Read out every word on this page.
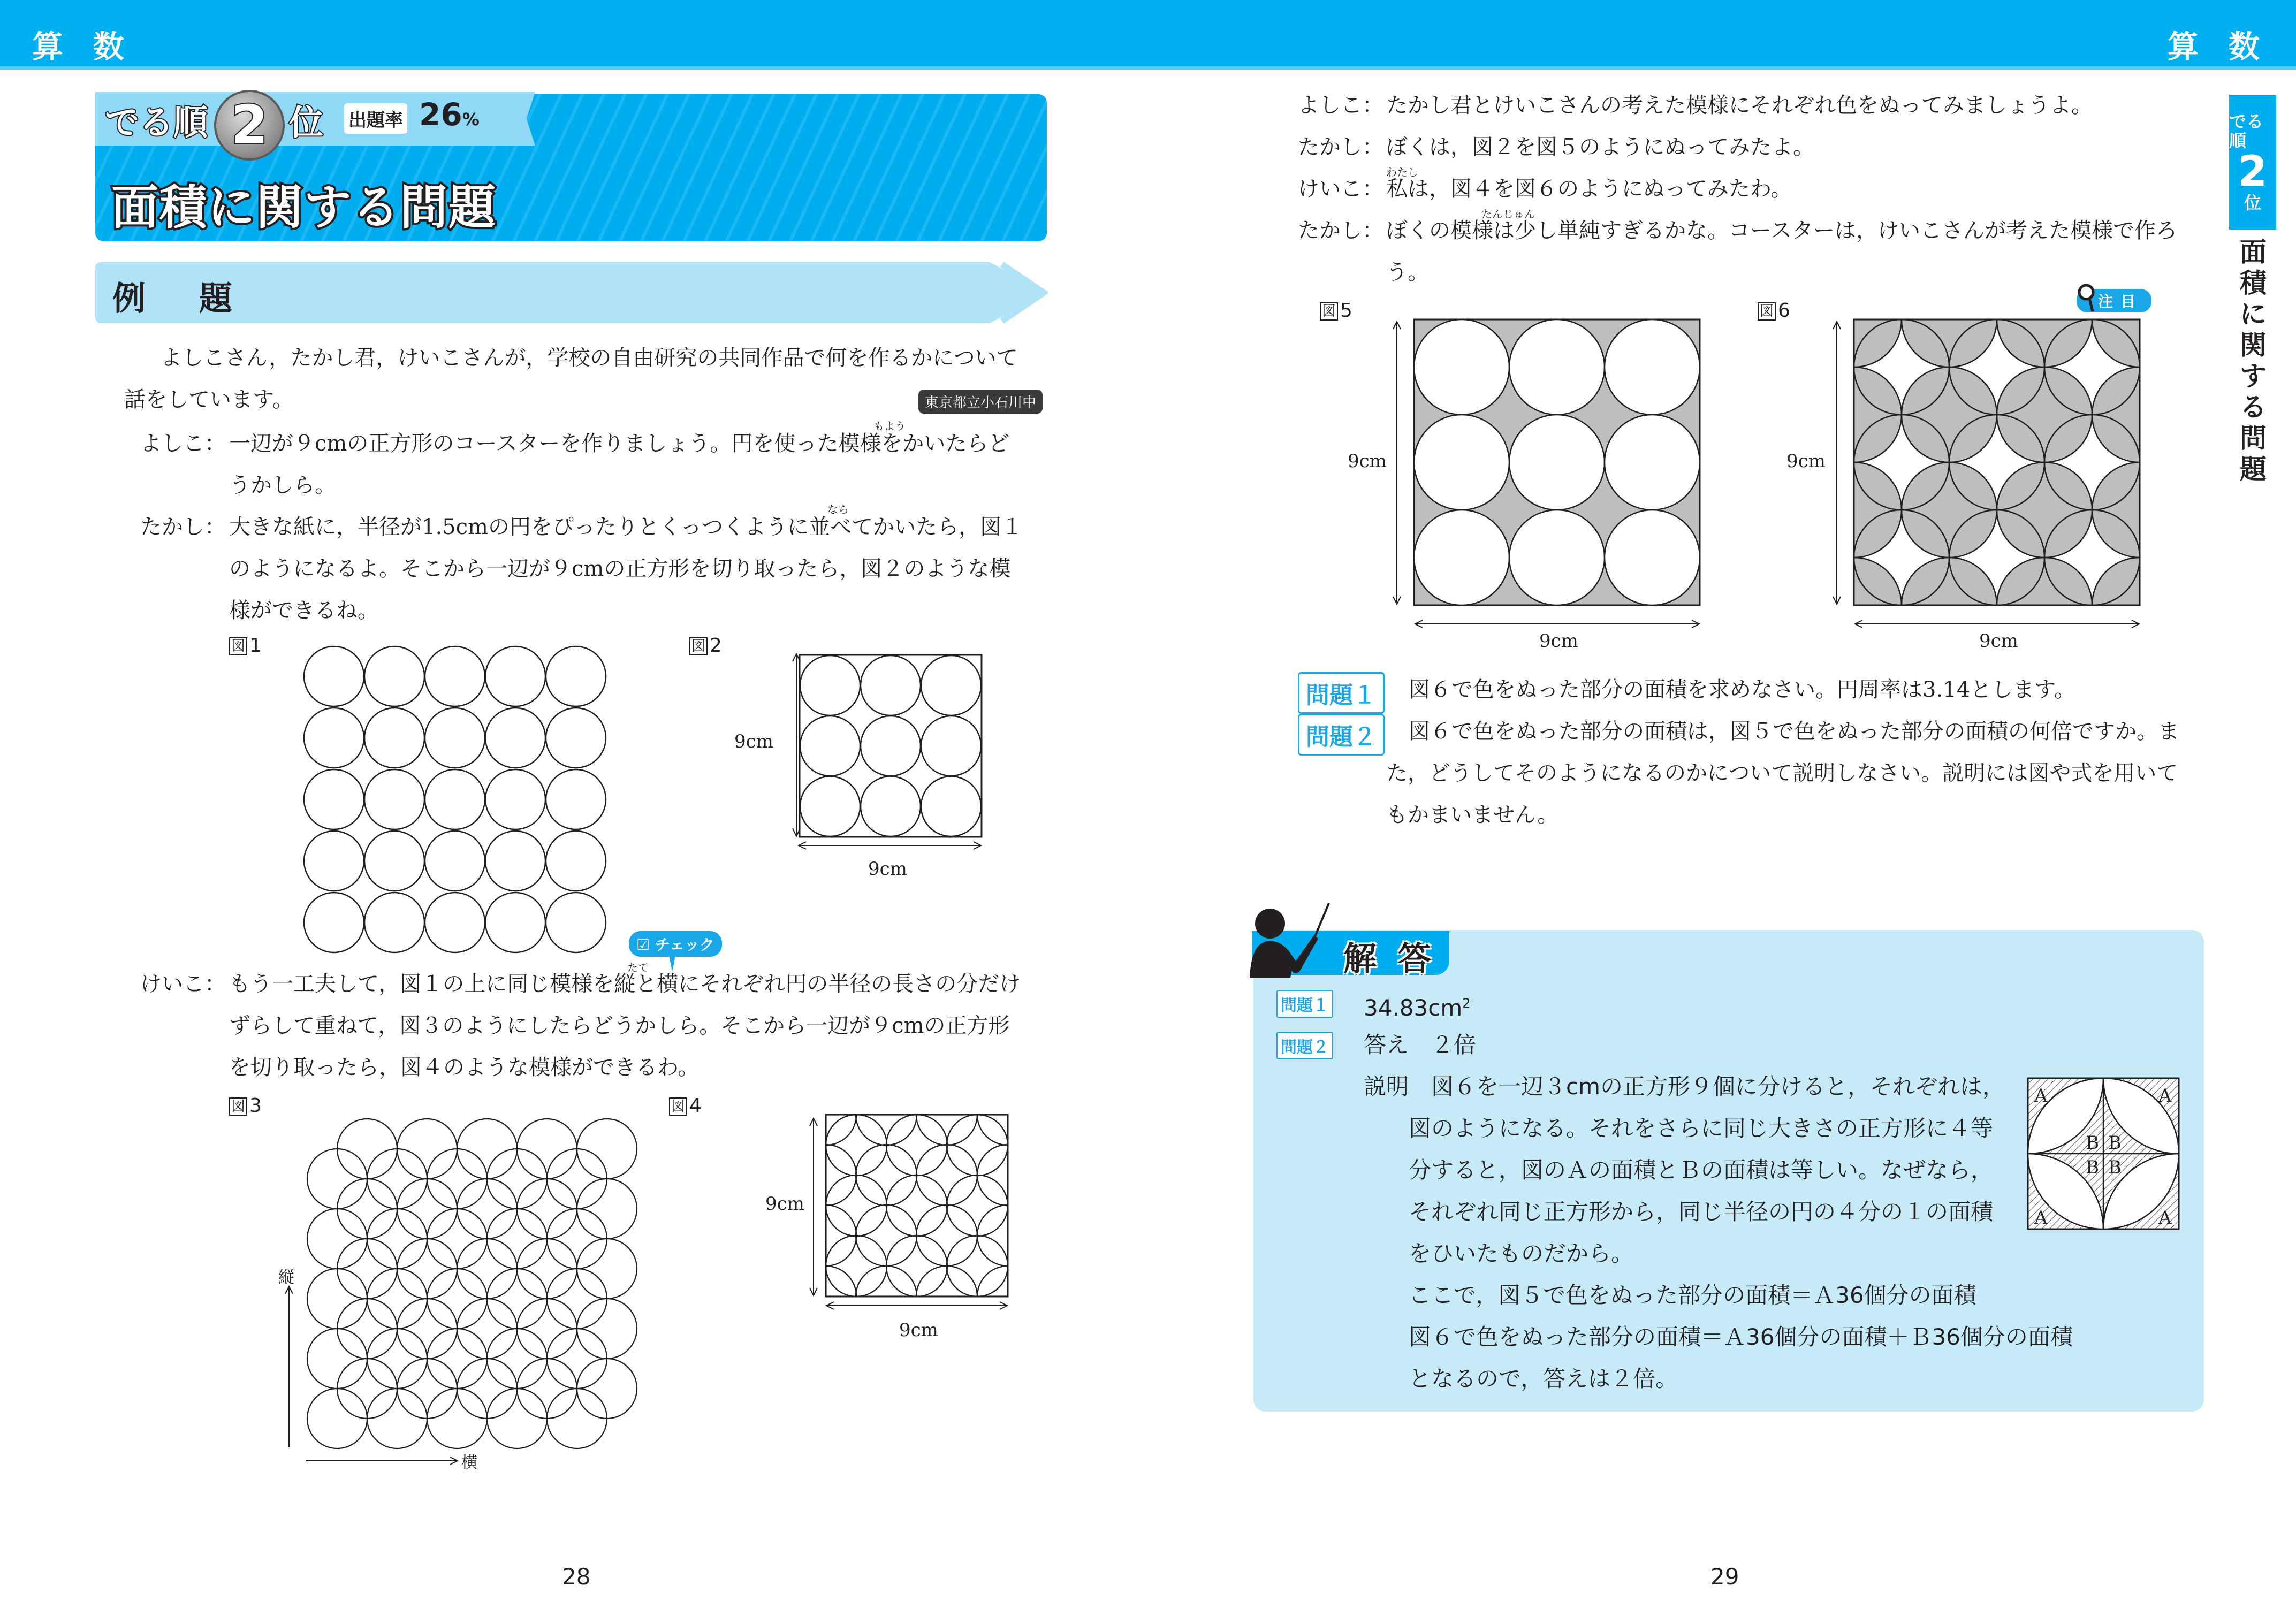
算数	算数
でる順 2 位 出題率 26%
面積に関する問題
例題
よしこさん，たかし君，けいこさんが，学校の自由研究の共同作品で何を作るかについて
話をしています。	東京都立小石川中
よしこ： 一辺が９cmの正方形のコースターを作りましょう。円を使った模様をかいたらど
うかしら。
もよう
たかし： 大きな紙に，半径が1.5cmの円をぴったりとくっつくように並べてかいたら，図１
のようになるよ。そこから一辺が９cmの正方形を切り取ったら，図２のような模
様ができるね。
なら
図 1	図 2
9cm
9cm
☑ チェック
けいこ： もう一工夫して，図１の上に同じ模様を縦と横にそれぞれ円の半径の長さの分だけ
ずらして重ねて，図３のようにしたらどうかしら。そこから一辺が９cmの正方形
を切り取ったら，図４のような模様ができるわ。
たて
図 3
縦
横
図 4
9cm
9cm
28
でる順
2
位
面積に関する問題
よしこ： たかし君とけいこさんの考えた模様にそれぞれ色をぬってみましょうよ。
たかし： ぼくは，図２を図５のようにぬってみたよ。
わたし
けいこ： 私は，図４を図６のようにぬってみたわ。
たんじゅん
たかし： ぼくの模様は少し単純すぎるかな。コースターは，けいこさんが考えた模様で作ろ
う。
図 5
9cm
9cm
図 6	注目
9cm
9cm
問題１	図６で色をぬった部分の面積を求めなさい。円周率は3.14とします。
問題２	図６で色をぬった部分の面積は，図５で色をぬった部分の面積の何倍ですか。ま
た，どうしてそのようになるのかについて説明しなさい。説明には図や式を用いて
もかまいません。
解答
問題１ $34.83cm^2$
問題２ 答え　２倍
説明　図６を一辺３cmの正方形９個に分けると，それぞれは，
図のようになる。それをさらに同じ大きさの正方形に４等
分すると，図のＡの面積とＢの面積は等しい。なぜなら，
それぞれ同じ正方形から，同じ半径の円の４分の１の面積
をひいたものだから。
ここで，図５で色をぬった部分の面積＝Ａ36個分の面積
図６で色をぬった部分の面積＝Ａ36個分の面積＋Ｂ36個分の面積
となるので，答えは２倍。
A	A
A	A
B B
B B
29
